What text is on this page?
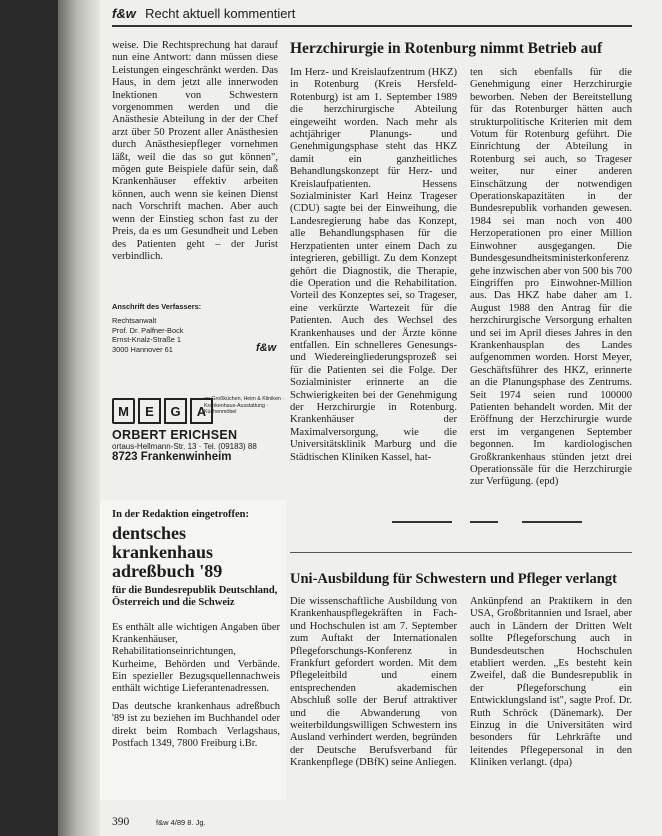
f&w Recht aktuell kommentiert

weise. Die Rechtsprechung hat darauf nun eine Antwort: dann müssen diese Leistungen eingeschränkt werden. Das Haus, in dem jetzt alle innerwoden Inektionen von Schwestern vorgenommen werden und die Anästhesie Abteilung in der der Chef arzt über 50 Prozent aller Anästhesien durch Anästhesiepfleger vornehmen läßt, weil die das so gut können", mögen gute Beispiele dafür sein, daß Krankenhäuser effektiv arbeiten können, auch wenn sie keinen Dienst nach Vorschrift machen. Aber auch wenn der Einstieg schon fast zu der Preis, da es um Gesundheit und Leben des Patienten geht – der Jurist verbindlich.

Anschrift des Verfassers:
Rechtsanwalt
Prof. Dr. Palfner-Bock
Ernst-Knalz-Straße 1
3000 Hannover 61	f&w
M	E	G	A
an Großküchen, Heim & Kliniken · Krankenhaus-Ausstattung · Küchenmöbel
ORBERT ERICHSEN
ortaus-Hellmann-Str. 13 · Tel. (09183) 88
8723 Frankenwinheim
Herzchirurgie in Rotenburg nimmt Betrieb auf

Im Herz- und Kreislaufzentrum (HKZ) in Rotenburg (Kreis Hersfeld-Rotenburg) ist am 1. September 1989 die herzchirurgische Abteilung eingeweiht worden. Nach mehr als achtjähriger Planungs- und Genehmigungsphase steht das HKZ damit ein ganzheitliches Behandlungskonzept für Herz- und Kreislaufpatienten. Hessens Sozialminister Karl Heinz Trageser (CDU) sagte bei der Einweihung, die Landesregierung habe das Konzept, alle Behandlungsphasen für die Herzpatienten unter einem Dach zu integrieren, gebilligt. Zu dem Konzept gehört die Diagnostik, die Therapie, die Operation und die Rehabilitation. Vorteil des Konzeptes sei, so Trageser, eine verkürzte Wartezeit für die Patienten. Auch des Wechsel des Krankenhauses und der Ärzte könne entfallen. Ein schnelleres Genesungs- und Wiedereingliederungsprozeß sei für die Patienten sei die Folge. Der Sozialminister erinnerte an die Schwierigkeiten bei der Genehmigung der Herzchirurgie in Rotenburg. Krankenhäuser der Maximalversorgung, wie die Universitätsklinik Marburg und die Städtischen Kliniken Kassel, hat-

ten sich ebenfalls für die Genehmigung einer Herzchirurgie beworben. Neben der Bereitstellung für das Rotenburger hätten auch strukturpolitische Kriterien mit dem Votum für Rotenburg geführt. Die Einrichtung der Abteilung in Rotenburg sei auch, so Trageser weiter, nur einer anderen Einschätzung der notwendigen Operationskapazitäten in der Bundesrepublik vorhanden gewesen. 1984 sei man noch von 400 Herzoperationen pro einer Million Einwohner ausgegangen. Die Bundesgesundheitsministerkonferenz gehe inzwischen aber von 500 bis 700 Eingriffen pro Einwohner-Million aus. Das HKZ habe daher am 1. August 1988 den Antrag für die herzchirurgische Versorgung erhalten und sei im April dieses Jahres in den Krankenhausplan des Landes aufgenommen worden. Horst Meyer, Geschäftsführer des HKZ, erinnerte an die Planungsphase des Zentrums. Seit 1974 seien rund 100000 Patienten behandelt worden. Mit der Eröffnung der Herzchirurgie wurde erst im vergangenen September begonnen. Im kardiologischen Großkrankenhaus stünden jetzt drei Operationssäle für die Herzchirurgie zur Verfügung. (epd)

In der Redaktion eingetroffen:
dentsches
krankenhaus
adreßbuch '89
für die Bundesrepublik Deutschland, Österreich und die Schweiz

Es enthält alle wichtigen Angaben über Krankenhäuser, Rehabilitationseinrichtungen, Kurheime, Behörden und Verbände. Ein spezieller Bezugsquellennachweis enthält wichtige Lieferantenadressen.

Das deutsche krankenhaus adreßbuch '89 ist zu beziehen im Buchhandel oder direkt beim Rombach Verlagshaus, Postfach 1349, 7800 Freiburg i.Br.

Uni-Ausbildung für Schwestern und Pfleger verlangt

Die wissenschaftliche Ausbildung von Krankenhauspflegekräften in Fach- und Hochschulen ist am 7. September zum Auftakt der Internationalen Pflegeforschungs-Konferenz in Frankfurt gefordert worden. Mit dem Pflegeleitbild und einem entsprechenden akademischen Abschluß solle der Beruf attraktiver und die Abwanderung von weiterbildungswilligen Schwestern ins Ausland verhindert werden, begründen der Deutsche Berufsverband für Krankenpflege (DBfK) seine Anliegen.

Ankünpfend an Praktikern in den USA, Großbritannien und Israel, aber auch in Ländern der Dritten Welt sollte Pflegeforschung auch in Bundesdeutschen Hochschulen etabliert werden. „Es besteht kein Zweifel, daß die Bundesrepublik in der Pflegeforschung ein Entwicklungsland ist", sagte Prof. Dr. Ruth Schröck (Dänemark). Der Einzug in die Universitäten wird besonders für Lehrkräfte und leitendes Pflegepersonal in den Kliniken verlangt. (dpa)

390	f&w 4/89 8. Jg.
